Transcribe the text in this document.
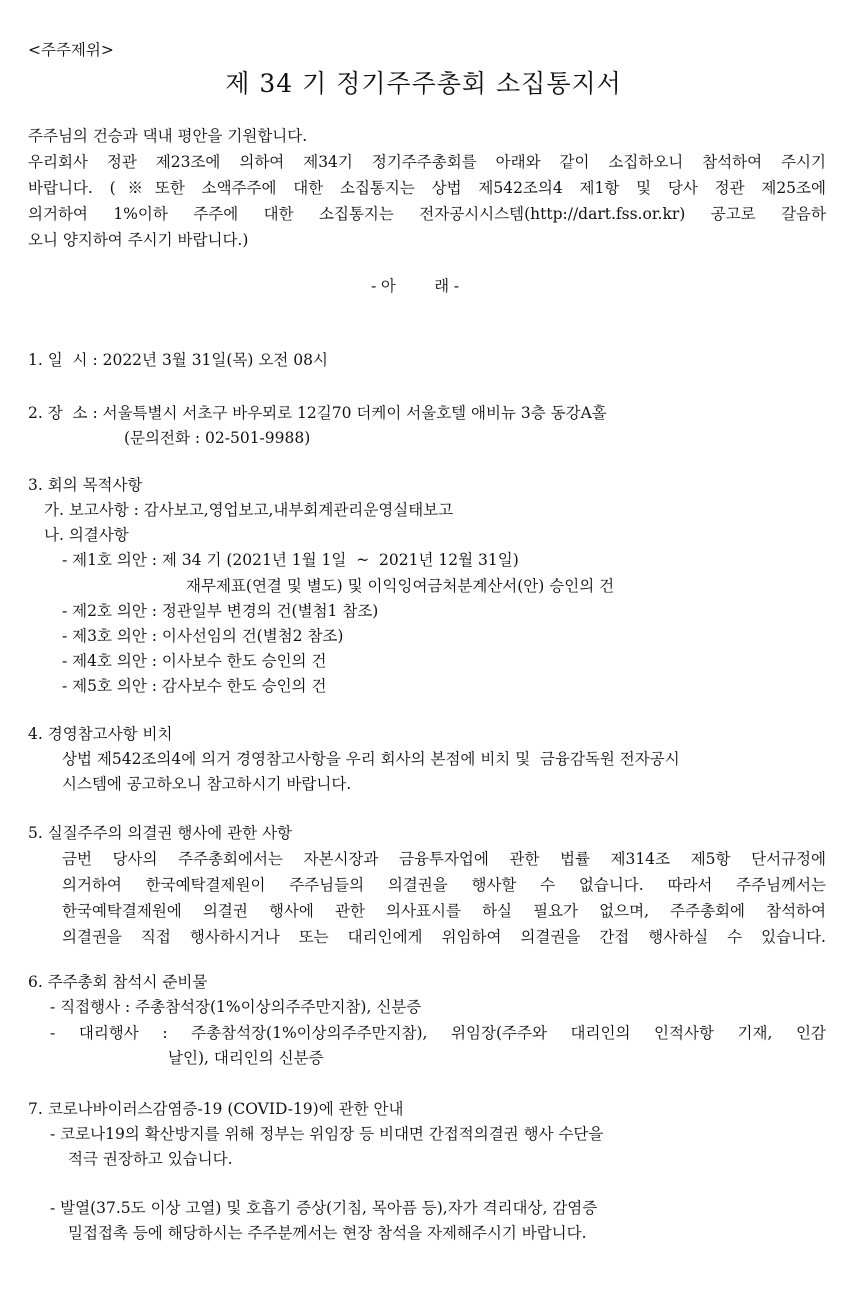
<주주제위>
제 34 기 정기주주총회 소집통지서
주주님의 건승과 댁내 평안을 기원합니다.
우리회사 정관 제23조에 의하여 제34기 정기주주총회를 아래와 같이 소집하오니 참석하여 주시기
바랍니다. (※또한 소액주주에 대한 소집통지는 상법 제542조의4 제1항 및 당사 정관 제25조에
의거하여 1%이하 주주에 대한 소집통지는 전자공시시스템(http://dart.fss.or.kr) 공고로 갈음하
오니 양지하여 주시기 바랍니다.)
- 아        래 -
1. 일  시 : 2022년 3월 31일(목) 오전 08시
2. 장  소 : 서울특별시 서초구 바우뫼로 12길70 더케이 서울호텔 애비뉴 3층 동강A홀
(문의전화 : 02-501-9988)
3. 회의 목적사항
가. 보고사항 : 감사보고,영업보고,내부회계관리운영실태보고
나. 의결사항
- 제1호 의안 : 제 34 기 (2021년 1월 1일  ~  2021년 12월 31일)
재무제표(연결 및 별도) 및 이익잉여금처분계산서(안) 승인의 건
- 제2호 의안 : 정관일부 변경의 건(별첨1 참조)
- 제3호 의안 : 이사선임의 건(별첨2 참조)
- 제4호 의안 : 이사보수 한도 승인의 건
- 제5호 의안 : 감사보수 한도 승인의 건
4. 경영참고사항 비치
상법 제542조의4에 의거 경영참고사항을 우리 회사의 본점에 비치 및  금융감독원 전자공시
시스템에 공고하오니 참고하시기 바랍니다.
5. 실질주주의 의결권 행사에 관한 사항
금번 당사의 주주총회에서는 자본시장과 금융투자업에 관한 법률 제314조 제5항 단서규정에
의거하여 한국예탁결제원이 주주님들의 의결권을 행사할 수 없습니다. 따라서 주주님께서는
한국예탁결제원에 의결권 행사에 관한 의사표시를 하실 필요가 없으며, 주주총회에 참석하여
의결권을 직접 행사하시거나 또는 대리인에게 위임하여 의결권을 간접 행사하실 수 있습니다.
6. 주주총회 참석시 준비물
- 직접행사 : 주총참석장(1%이상의주주만지참), 신분증
- 대리행사 : 주총참석장(1%이상의주주만지참), 위임장(주주와 대리인의 인적사항 기재, 인감
날인), 대리인의 신분증
7. 코로나바이러스감염증-19 (COVID-19)에 관한 안내
- 코로나19의 확산방지를 위해 정부는 위임장 등 비대면 간접적의결권 행사 수단을
적극 권장하고 있습니다.
- 발열(37.5도 이상 고열) 및 호흡기 증상(기침, 목아픔 등),자가 격리대상, 감염증
밀접접촉 등에 해당하시는 주주분께서는 현장 참석을 자제해주시기 바랍니다.
